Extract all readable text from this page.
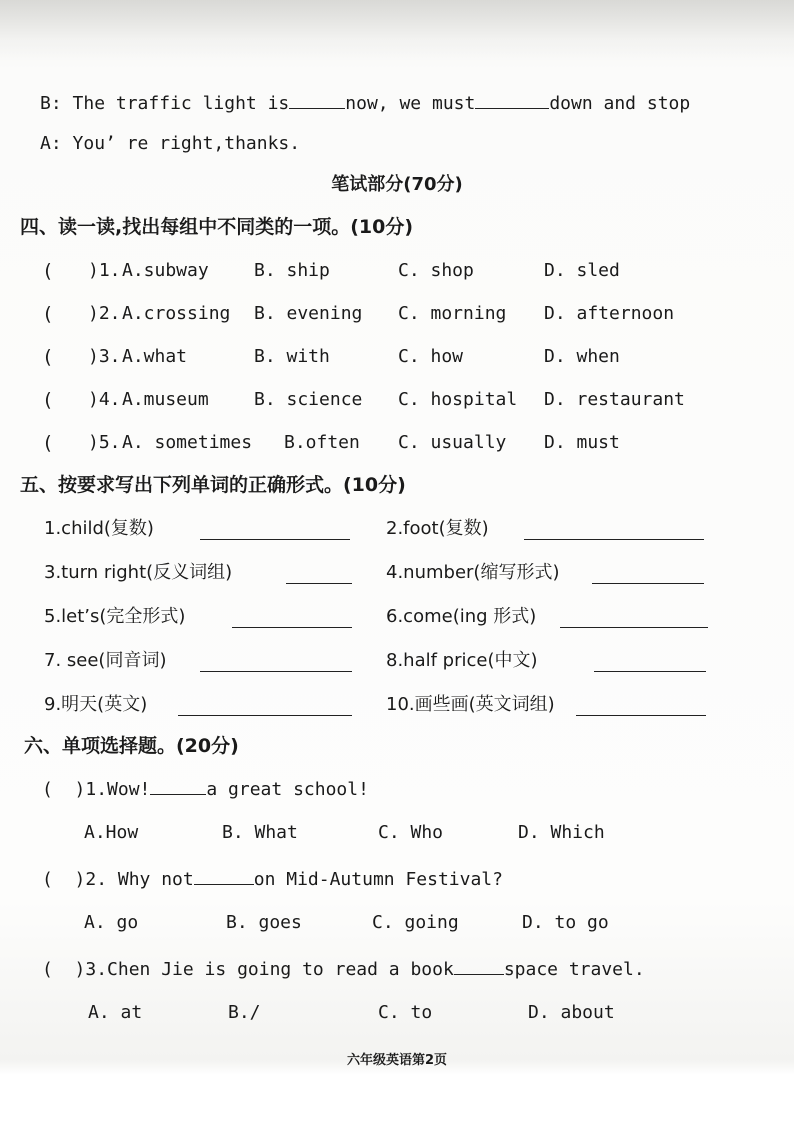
B: The traffic light is	now, we must	down and stop
A: You’ re right,thanks.
笔试部分(70分)
四、读一读,找出每组中不同类的一项。(10分)
( )1. A.subway	B. ship	C. shop	D. sled
( )2. A.crossing B. evening C. morning D. afternoon
( )3. A.what	B. with	C. how	D. when
( )4. A.museum	B. science C. hospital D. restaurant
( )5. A. sometimes B.often C. usually D. must
五、按要求写出下列单词的正确形式。(10分)
1.child(复数)	2.foot(复数)
3.turn right(反义词组)	4.number(缩写形式)
5.let’s(完全形式)	6.come(ing 形式)
7. see(同音词)	8.half price(中文)
9.明天(英文)	10.画些画(英文词组)
六、单项选择题。(20分)
(  )1.Wow!	a great school!
A.How	B. What	C. Who	D. Which
(  )2. Why not	on Mid-Autumn Festival?
A. go	B. goes	C. going	D. to go
(  )3.Chen Jie is going to read a book	space travel.
A. at	B./	C. to	D. about
六年级英语第2页
